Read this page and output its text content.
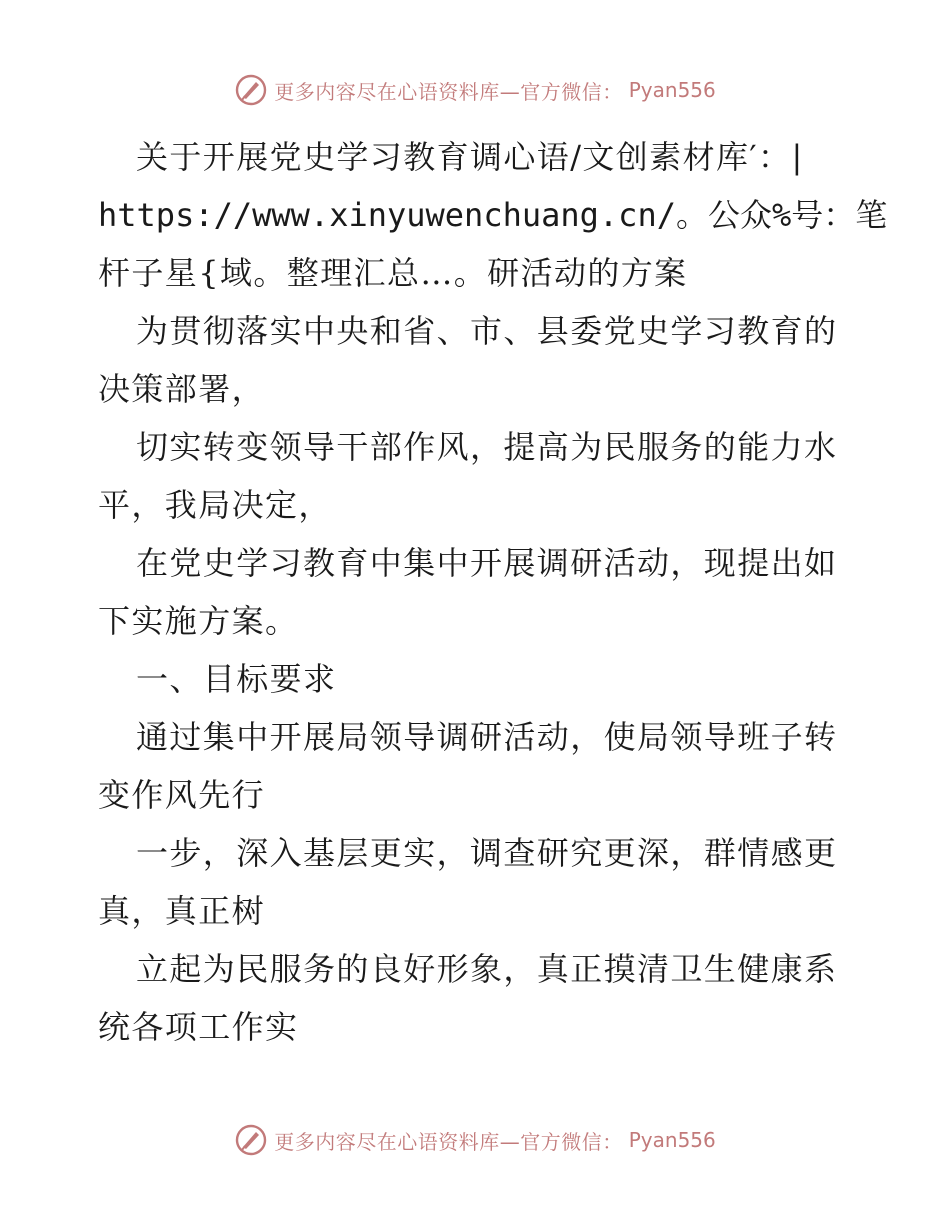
更多内容尽在心语资料库—官方微信： Pyan556
关于开展党史学习教育调心语/文创素材库′：|
https://www.xinyuwenchuang.cn/。公众%号：笔
杆子星{域。整理汇总…。研活动的方案
为贯彻落实中央和省、市、县委党史学习教育的
决策部署，
切实转变领导干部作风，提高为民服务的能力水
平，我局决定，
在党史学习教育中集中开展调研活动，现提出如
下实施方案。
一、目标要求
通过集中开展局领导调研活动，使局领导班子转
变作风先行
一步，深入基层更实，调查研究更深，群情感更
真，真正树
立起为民服务的良好形象，真正摸清卫生健康系
统各项工作实
更多内容尽在心语资料库—官方微信： Pyan556
